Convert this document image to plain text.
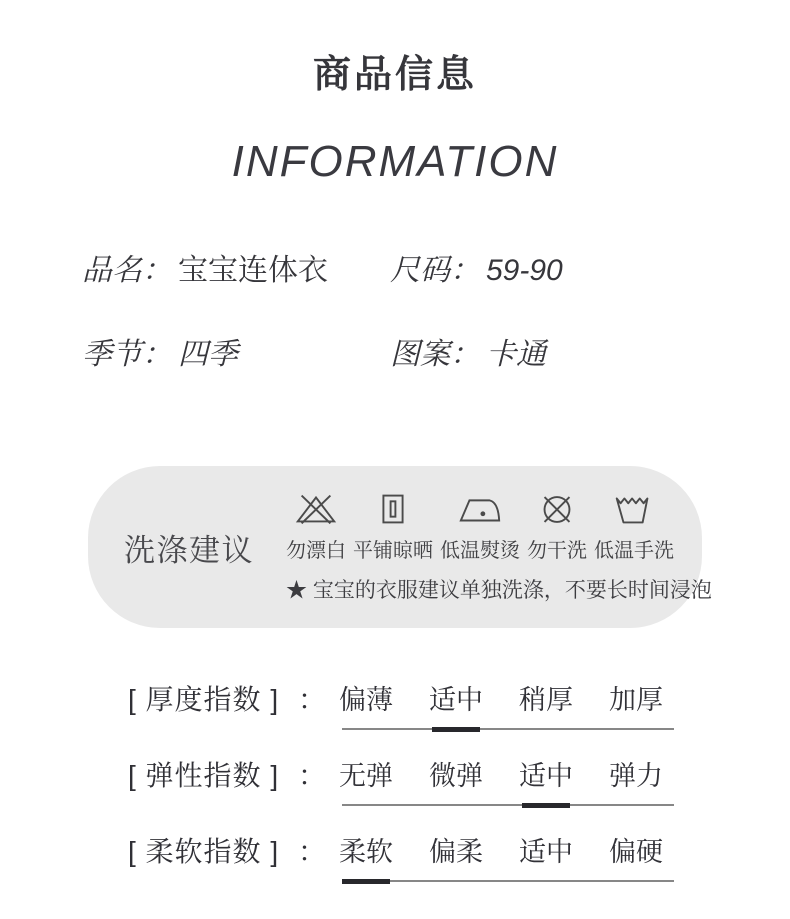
商品信息
INFORMATION
品名： 宝宝连体衣	尺码： 59-90
季节： 四季	图案： 卡通
洗涤建议 勿漂白 平铺晾晒 低温熨烫 勿干洗 低温手洗
★ 宝宝的衣服建议单独洗涤，不要长时间浸泡
[ 厚度指数 ] ： 偏薄 适中 稍厚 加厚
[ 弹性指数 ] ： 无弹 微弹 适中 弹力
[ 柔软指数 ] ： 柔软 偏柔 适中 偏硬
